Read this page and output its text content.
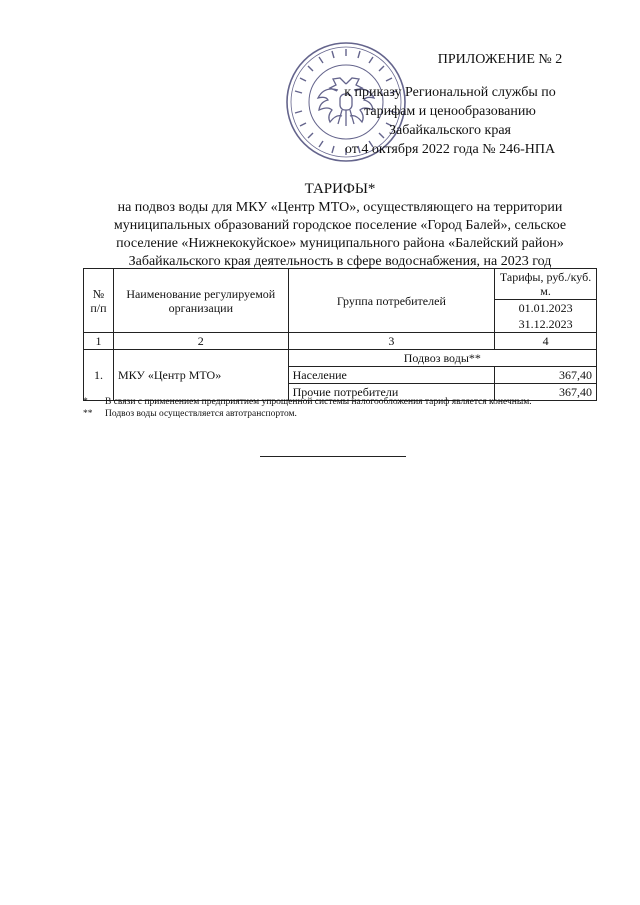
ПРИЛОЖЕНИЕ № 2
к приказу Региональной службы по
тарифам и ценообразованию
Забайкальского края
от 4 октября 2022 года № 246-НПА
ТАРИФЫ*
на подвоз воды для МКУ «Центр МТО», осуществляющего на территории
муниципальных образований городское поселение «Город Балей», сельское
поселение «Нижнекокуйское» муниципального района «Балейский район»
Забайкальского края деятельность в сфере водоснабжения, на 2023 год
№ п/п	Наименование регулируемой организации	Группа потребителей	Тарифы, руб./куб. м.
			01.01.2023
			31.12.2023
1	2	3	4
1.	МКУ «Центр МТО»	Подвоз воды**	
		Население	367,40
		Прочие потребители	367,40
*	В связи с применением предприятием упрощенной системы налогообложения тариф является конечным.
**	Подвоз воды осуществляется автотранспортом.
